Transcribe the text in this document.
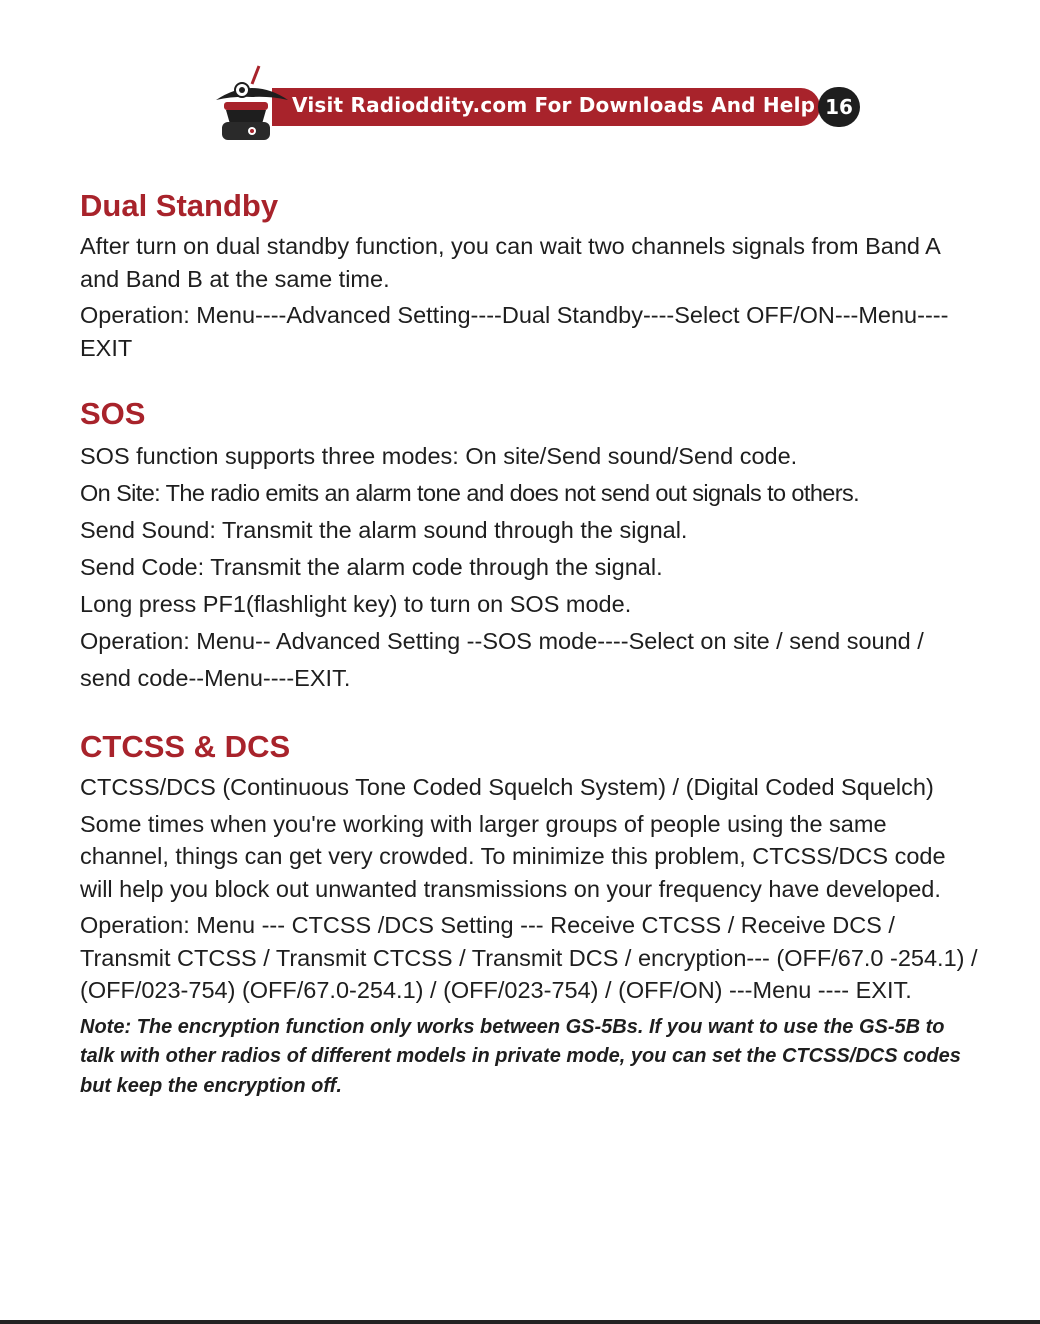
Visit Radioddity.com For Downloads And Help 16
Dual Standby

After turn on dual standby function, you can wait two channels signals from Band A and Band B at the same time.

Operation: Menu----Advanced Setting----Dual Standby----Select OFF/ON---Menu----EXIT

SOS

SOS function supports three modes: On site/Send sound/Send code.

On Site: The radio emits an alarm tone and does not send out signals to others.

Send Sound: Transmit the alarm sound through the signal.

Send Code: Transmit the alarm code through the signal.

Long press PF1(flashlight key) to turn on SOS mode.

Operation: Menu-- Advanced Setting --SOS mode----Select on site / send sound / send code--Menu----EXIT.

CTCSS & DCS

CTCSS/DCS (Continuous Tone Coded Squelch System) / (Digital Coded Squelch)

Some times when you're working with larger groups of people using the same channel, things can get very crowded. To minimize this problem, CTCSS/DCS code will help you block out unwanted transmissions on your frequency have developed.

Operation: Menu --- CTCSS /DCS Setting --- Receive CTCSS / Receive DCS / Transmit CTCSS / Transmit CTCSS / Transmit DCS / encryption--- (OFF/67.0 -254.1) / (OFF/023-754) (OFF/67.0-254.1) / (OFF/023-754) / (OFF/ON) ---Menu ---- EXIT.

Note: The encryption function only works between GS-5Bs. If you want to use the GS-5B to talk with other radios of different models in private mode, you can set the CTCSS/DCS codes but keep the encryption off.
